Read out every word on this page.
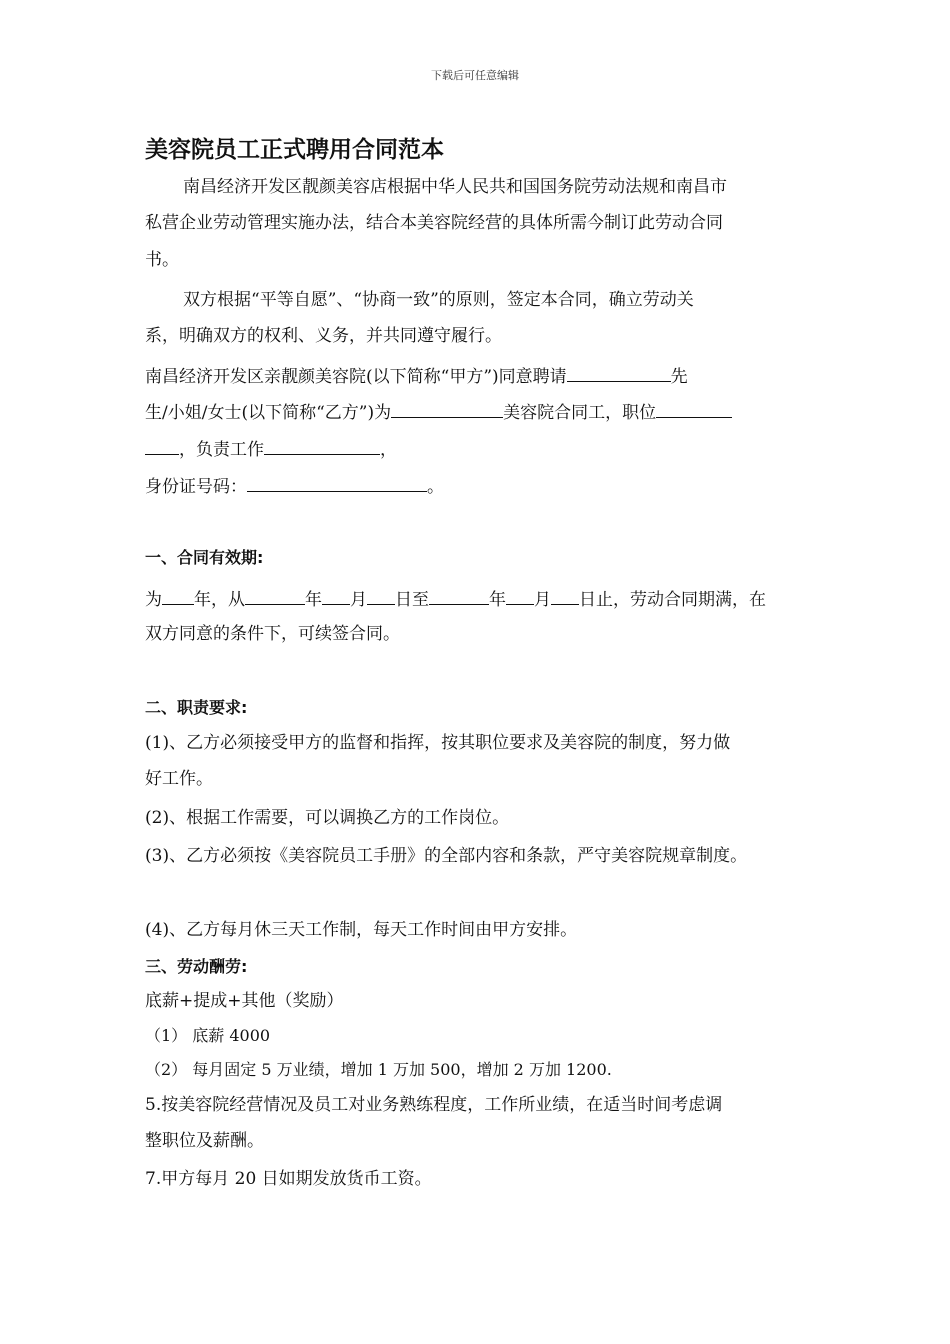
下载后可任意编辑
美容院员工正式聘用合同范本
南昌经济开发区靓颜美容店根据中华人民共和国国务院劳动法规和南昌市
私营企业劳动管理实施办法，结合本美容院经营的具体所需今制订此劳动合同
书。
双方根据“平等自愿”、“协商一致”的原则，签定本合同，确立劳动关
系，明确双方的权利、义务，并共同遵守履行。
南昌经济开发区亲靓颜美容院(以下简称“甲方”)同意聘请	先
生/小姐/女士(以下简称“乙方”)为	美容院合同工，职位
，负责工作	，
身份证号码：	。
一、合同有效期:
为 年，从	年 月 日至	年 月 日止，劳动合同期满，在
双方同意的条件下，可续签合同。
二、职责要求:
(1)、乙方必须接受甲方的监督和指挥，按其职位要求及美容院的制度，努力做
好工作。
(2)、根据工作需要，可以调换乙方的工作岗位。
(3)、乙方必须按《美容院员工手册》的全部内容和条款，严守美容院规章制度。
(4)、乙方每月休三天工作制，每天工作时间由甲方安排。
三、劳动酬劳:
底薪+提成+其他（奖励）
（1） 底薪 4000
（2） 每月固定 5 万业绩，增加 1 万加 500，增加 2 万加 1200.
5.按美容院经营情况及员工对业务熟练程度，工作所业绩，在适当时间考虑调
整职位及薪酬。
7.甲方每月 20 日如期发放货币工资。
